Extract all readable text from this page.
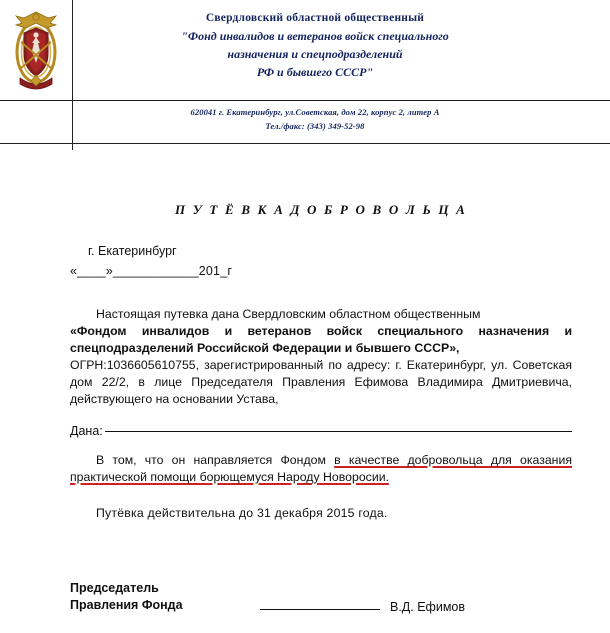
Свердловский областной общественный
"Фонд инвалидов и ветеранов войск специального
назначения и спецподразделений
РФ и бывшего СССР"
620041 г. Екатеринбург, ул.Советская, дом 22, корпус 2, литер А
Тел./факс: (343) 349-52-98
П У Т Ё В К А Д О Б Р О В О Л Ь Ц А
г. Екатеринбург
«____»____________201_г

Настоящая путевка дана Свердловским областном общественным

«Фондом инвалидов и ветеранов войск специального назначения и спецподразделений Российской Федерации и бывшего СССР»,

ОГРН:1036605610755, зарегистрированный по адресу: г. Екатеринбург, ул. Советская дом 22/2, в лице Председателя Правления Ефимова Владимира Дмитриевича, действующего на основании Устава,

Дана:

В том, что он направляется Фондом в качестве добровольца для оказания практической помощи борющемуся Народу Новоросии.

Путёвка действительна до 31 декабря 2015 года.
Председатель
Правления Фонда	В.Д. Ефимов
